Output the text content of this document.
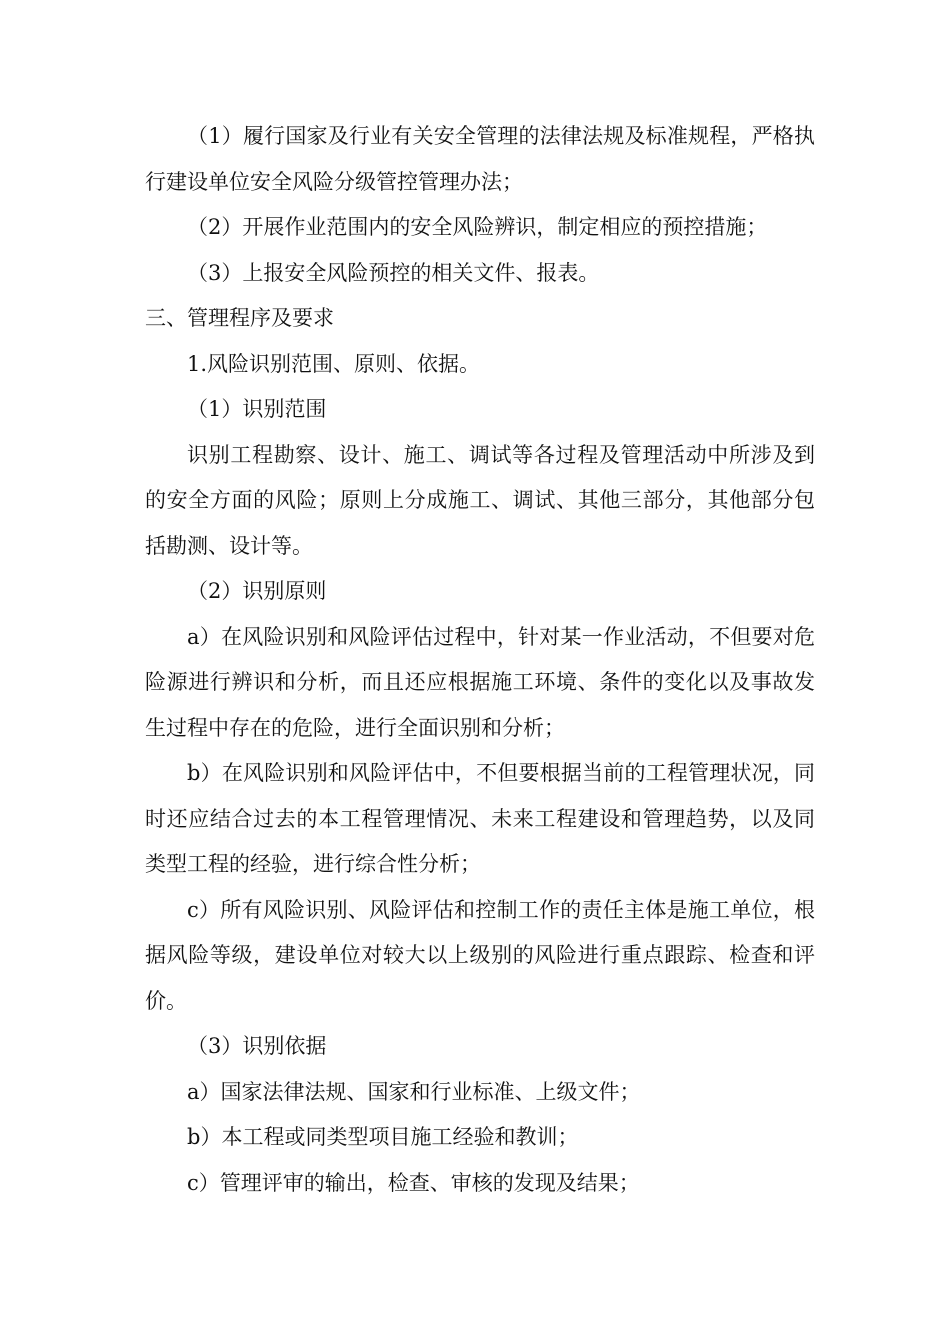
（1）履行国家及行业有关安全管理的法律法规及标准规程，严格执行建设单位安全风险分级管控管理办法；

（2）开展作业范围内的安全风险辨识，制定相应的预控措施；

（3）上报安全风险预控的相关文件、报表。

三、管理程序及要求

1.风险识别范围、原则、依据。

（1）识别范围

识别工程勘察、设计、施工、调试等各过程及管理活动中所涉及到的安全方面的风险；原则上分成施工、调试、其他三部分，其他部分包括勘测、设计等。

（2）识别原则

a）在风险识别和风险评估过程中，针对某一作业活动，不但要对危险源进行辨识和分析，而且还应根据施工环境、条件的变化以及事故发生过程中存在的危险，进行全面识别和分析；

b）在风险识别和风险评估中，不但要根据当前的工程管理状况，同时还应结合过去的本工程管理情况、未来工程建设和管理趋势，以及同类型工程的经验，进行综合性分析；

c）所有风险识别、风险评估和控制工作的责任主体是施工单位，根据风险等级，建设单位对较大以上级别的风险进行重点跟踪、检查和评价。

（3）识别依据

a）国家法律法规、国家和行业标准、上级文件；

b）本工程或同类型项目施工经验和教训；

c）管理评审的输出，检查、审核的发现及结果；
